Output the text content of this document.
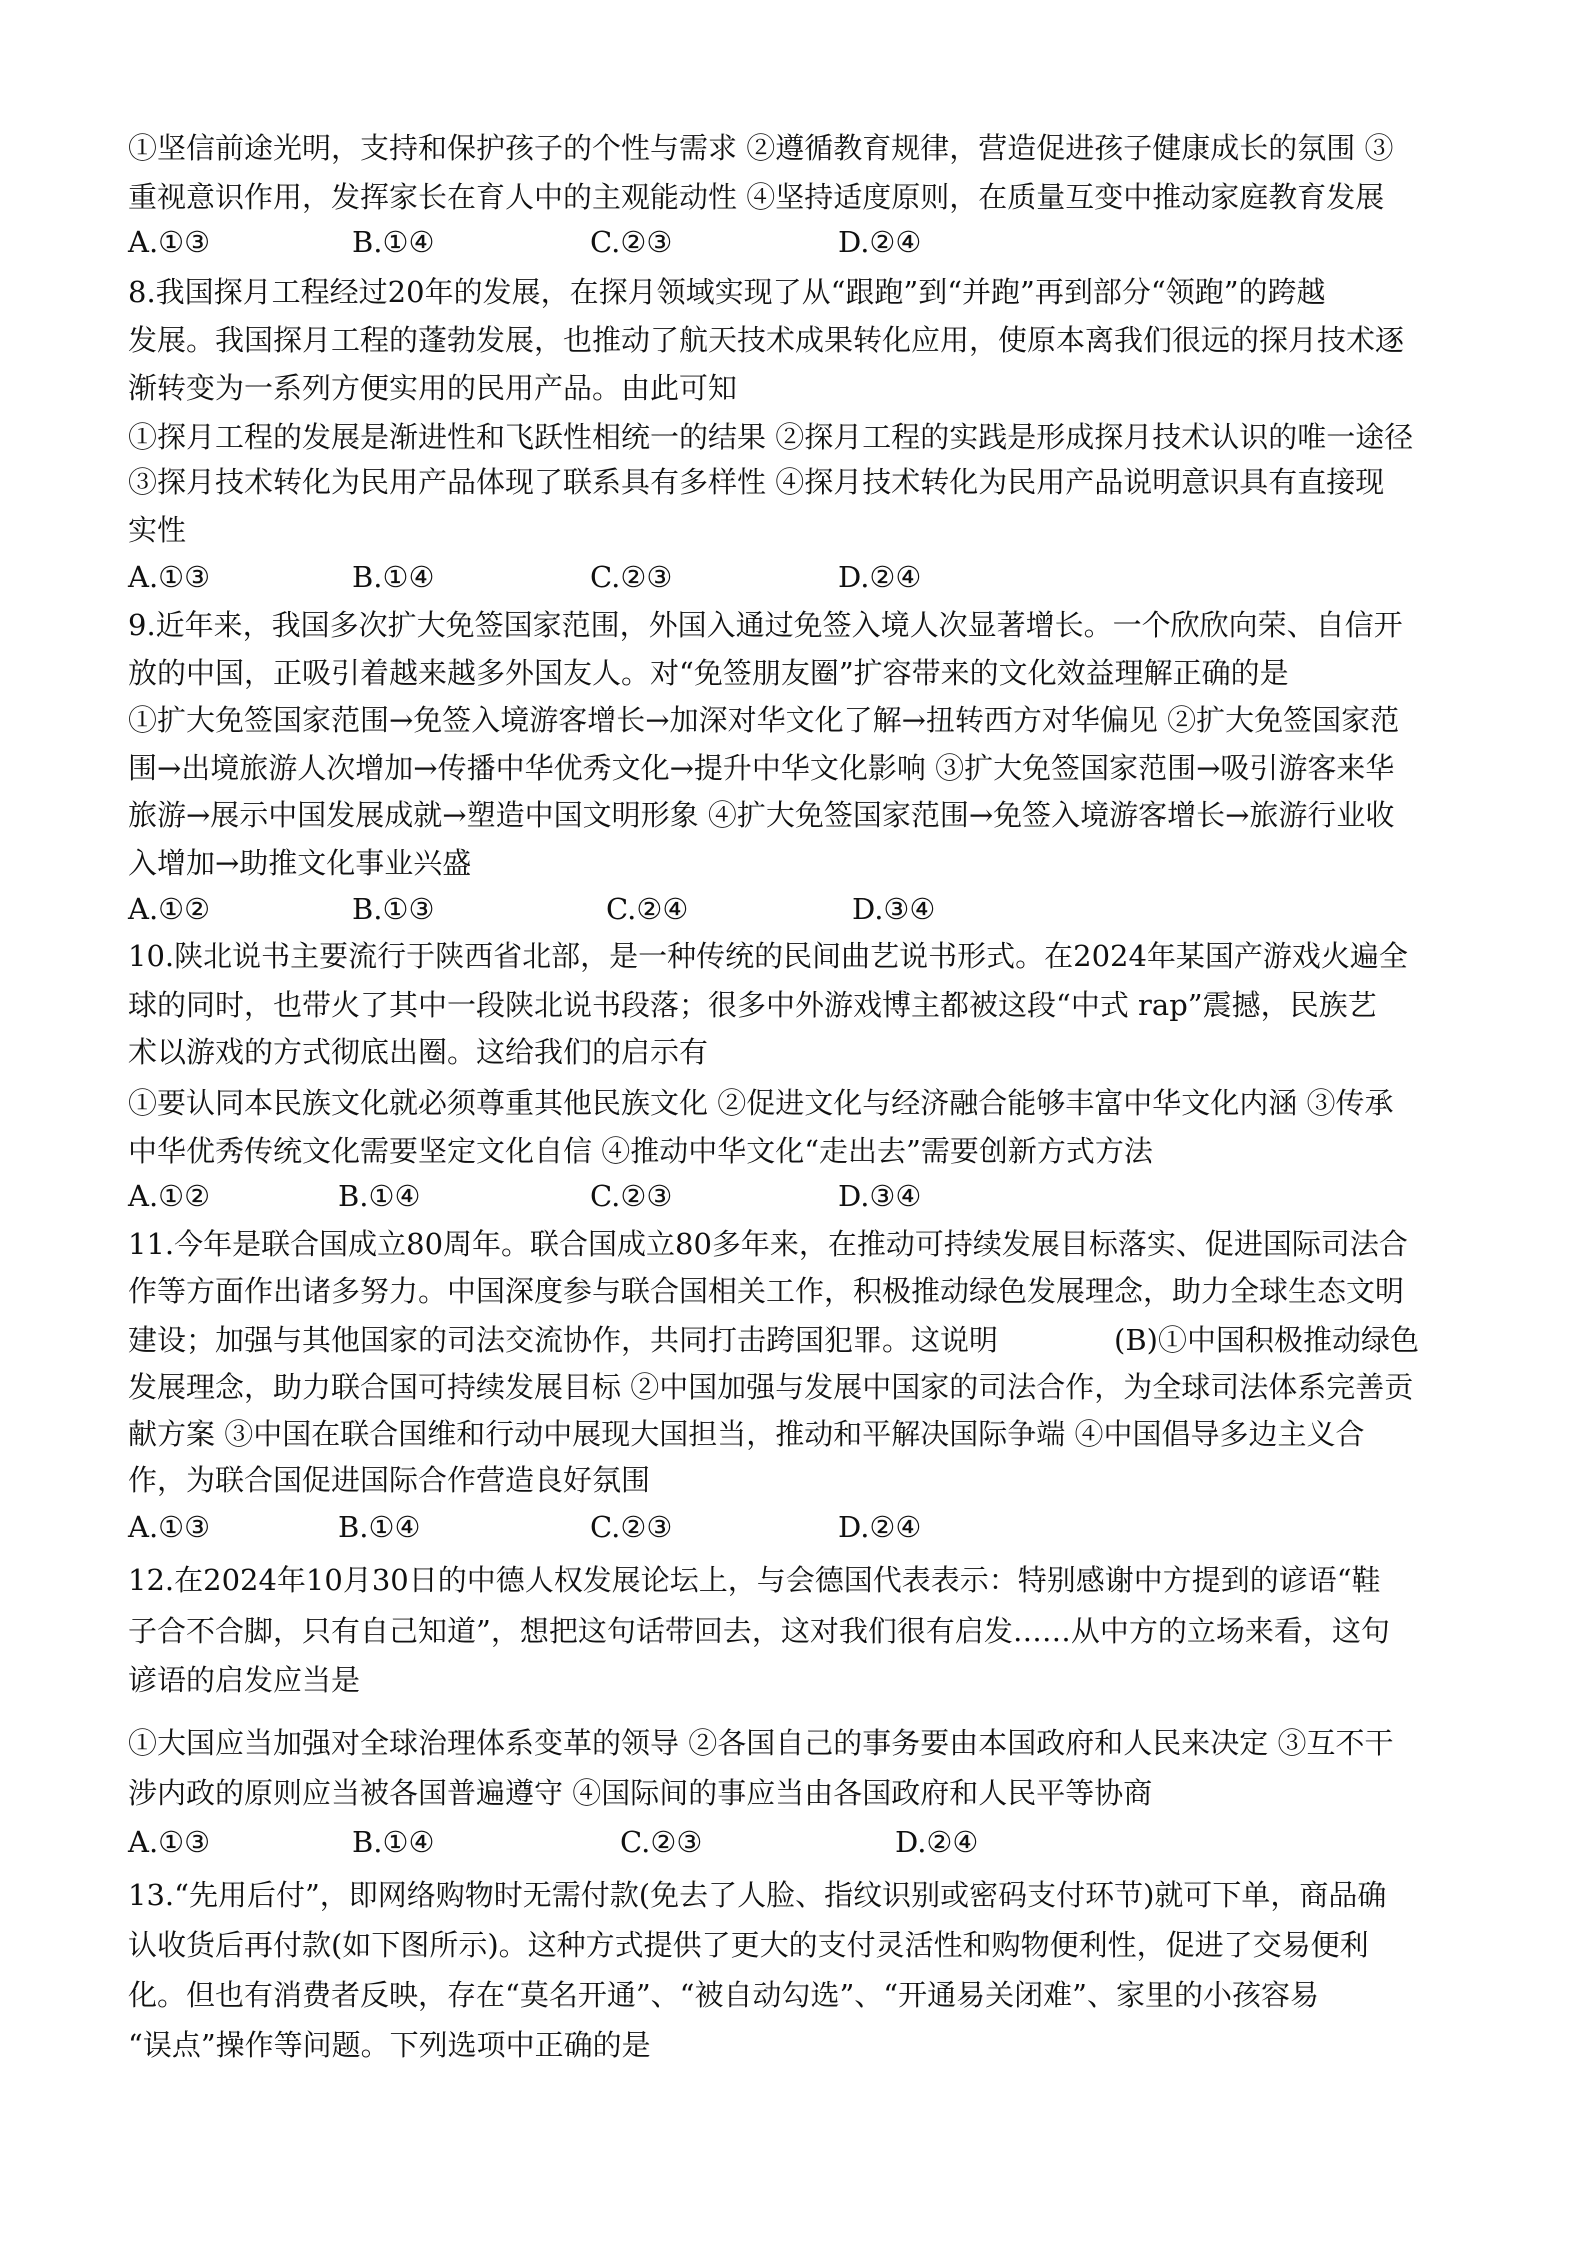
①坚信前途光明，支持和保护孩子的个性与需求 ②遵循教育规律，营造促进孩子健康成长的氛围 ③
重视意识作用，发挥家长在育人中的主观能动性 ④坚持适度原则，在质量互变中推动家庭教育发展
A.①③	B.①④	C.②③	D.②④
8.我国探月工程经过20年的发展，在探月领域实现了从“跟跑”到“并跑”再到部分“领跑”的跨越
发展。我国探月工程的蓬勃发展，也推动了航天技术成果转化应用，使原本离我们很远的探月技术逐
渐转变为一系列方便实用的民用产品。由此可知
①探月工程的发展是渐进性和飞跃性相统一的结果 ②探月工程的实践是形成探月技术认识的唯一途径
③探月技术转化为民用产品体现了联系具有多样性 ④探月技术转化为民用产品说明意识具有直接现
实性
A.①③	B.①④	C.②③	D.②④
9.近年来，我国多次扩大免签国家范围，外国入通过免签入境人次显著增长。一个欣欣向荣、自信开
放的中国，正吸引着越来越多外国友人。对“免签朋友圈”扩容带来的文化效益理解正确的是
①扩大免签国家范围→免签入境游客增长→加深对华文化了解→扭转西方对华偏见 ②扩大免签国家范
围→出境旅游人次增加→传播中华优秀文化→提升中华文化影响 ③扩大免签国家范围→吸引游客来华
旅游→展示中国发展成就→塑造中国文明形象 ④扩大免签国家范围→免签入境游客增长→旅游行业收
入增加→助推文化事业兴盛
A.①②	B.①③	C.②④	D.③④
10.陕北说书主要流行于陕西省北部，是一种传统的民间曲艺说书形式。在2024年某国产游戏火遍全
球的同时，也带火了其中一段陕北说书段落；很多中外游戏博主都被这段“中式 rap”震撼，民族艺
术以游戏的方式彻底出圈。这给我们的启示有
①要认同本民族文化就必须尊重其他民族文化 ②促进文化与经济融合能够丰富中华文化内涵 ③传承
中华优秀传统文化需要坚定文化自信 ④推动中华文化“走出去”需要创新方式方法
A.①②	B.①④	C.②③	D.③④
11.今年是联合国成立80周年。联合国成立80多年来，在推动可持续发展目标落实、促进国际司法合
作等方面作出诸多努力。中国深度参与联合国相关工作，积极推动绿色发展理念，助力全球生态文明
建设；加强与其他国家的司法交流协作，共同打击跨国犯罪。这说明　　　　(B)①中国积极推动绿色
发展理念，助力联合国可持续发展目标 ②中国加强与发展中国家的司法合作，为全球司法体系完善贡
献方案 ③中国在联合国维和行动中展现大国担当，推动和平解决国际争端 ④中国倡导多边主义合
作，为联合国促进国际合作营造良好氛围
A.①③	B.①④	C.②③	D.②④
12.在2024年10月30日的中德人权发展论坛上，与会德国代表表示：特别感谢中方提到的谚语“鞋
子合不合脚，只有自己知道”，想把这句话带回去，这对我们很有启发……从中方的立场来看，这句
谚语的启发应当是
①大国应当加强对全球治理体系变革的领导 ②各国自己的事务要由本国政府和人民来决定 ③互不干
涉内政的原则应当被各国普遍遵守 ④国际间的事应当由各国政府和人民平等协商
A.①③	B.①④	C.②③	D.②④
13.“先用后付”，即网络购物时无需付款(免去了人脸、指纹识别或密码支付环节)就可下单，商品确
认收货后再付款(如下图所示)。这种方式提供了更大的支付灵活性和购物便利性，促进了交易便利
化。但也有消费者反映，存在“莫名开通”、“被自动勾选”、“开通易关闭难”、家里的小孩容易
“误点”操作等问题。下列选项中正确的是
